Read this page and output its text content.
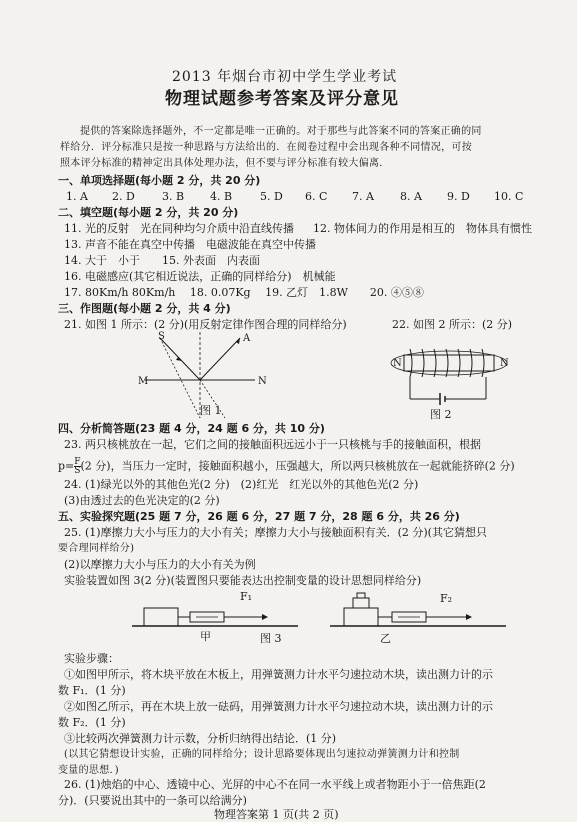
2013 年烟台市初中学生学业考试
物理试题参考答案及评分意见
提供的答案除选择题外，不一定都是唯一正确的。对于那些与此答案不同的答案正确的同
样给分．评分标准只是按一种思路与方法给出的．在阅卷过程中会出现各种不同情况，可按
照本评分标准的精神定出具体处理办法，但不要与评分标准有较大偏离．
一、单项选择题(每小题 2 分，共 20 分)
1. A 2. D 3. B 4. B	5. D 6. C 7. A 8. A 9. D 10. C
二、填空题(每小题 2 分，共 20 分)
11. 光的反射　光在同种均匀介质中沿直线传播 12. 物体间力的作用是相互的　物体具有惯性
13. 声音不能在真空中传播　电磁波能在真空中传播
14. 大于　小于　　15. 外表面　内表面
16. 电磁感应(其它相近说法，正确的同样给分)　机械能
17. 80Km/h 80Km/h　 18. 0.07Kg　 19. 乙灯　1.8W　　20. ④⑤⑧
三、作图题(每小题 2 分，共 4 分)
21. 如图 1 所示：(2 分)(用反射定律作图合理的同样给分)	22. 如图 2 所示：(2 分)
S
M	N
A
图 1
N	N
图 2
四、分析简答题(23 题 4 分，24 题 6 分，共 10 分)
23. 两只核桃放在一起，它们之间的接触面积远远小于一只核桃与手的接触面积，根据
$p= \frac{F}{S} (2$ 分)，当压力一定时，接触面积越小，压强越大，所以两只核桃放在一起就能挤碎(2 分)
24. (1)绿光以外的其他色光(2 分)　(2)红光　红光以外的其他色光(2 分)
(3)由透过去的色光决定的(2 分)
五、实验探究题(25 题 7 分，26 题 6 分，27 题 7 分，28 题 6 分，共 26 分)
25. (1)摩擦力大小与压力的大小有关；摩擦力大小与接触面积有关．(2 分)(其它猜想只
要合理同样给分)
(2)以摩擦力大小与压力的大小有关为例
实验装置如图 3(2 分)(装置图只要能表达出控制变量的设计思想同样给分)
F₁	F₂
甲	图 3	乙
实验步骤：
①如图甲所示，将木块平放在木板上，用弹簧测力计水平匀速拉动木块，读出测力计的示
数 F₁．(1 分)
②如图乙所示，再在木块上放一砝码，用弹簧测力计水平匀速拉动木块，读出测力计的示
数 F₂．(1 分)
③比较两次弹簧测力计示数，分析归纳得出结论．(1 分)
(以其它猜想设计实验，正确的同样给分；设计思路要体现出匀速拉动弹簧测力计和控制
变量的思想．)
26. (1)烛焰的中心、透镜中心、光屏的中心不在同一水平线上或者物距小于一倍焦距(2
分)．(只要说出其中的一条可以给满分)
物理答案第 1 页(共 2 页)
